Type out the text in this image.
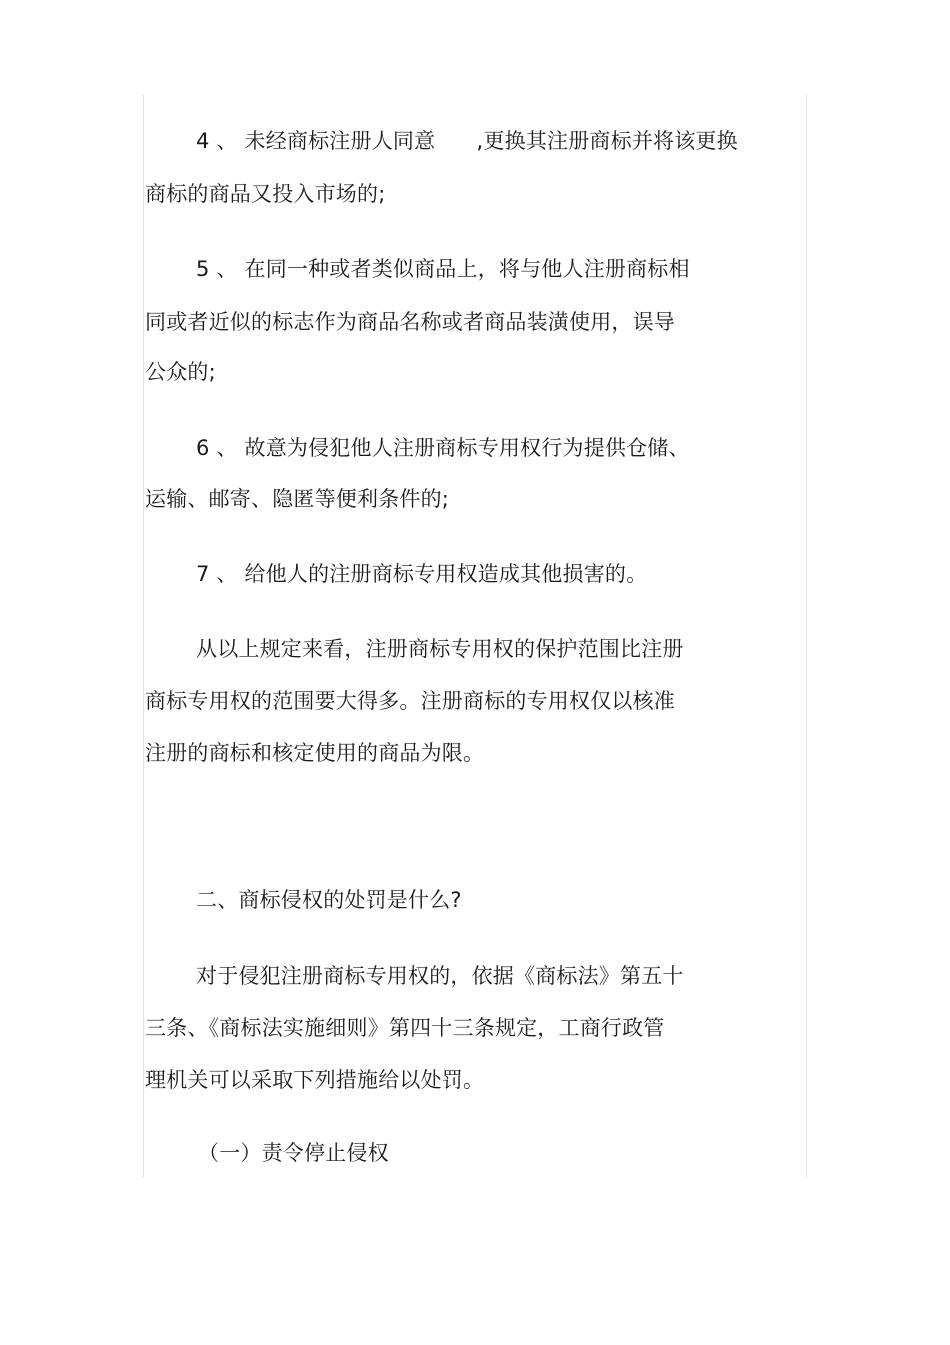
4 、 未经商标注册人同意      ,更换其注册商标并将该更换
商标的商品又投入市场的;
5 、 在同一种或者类似商品上，将与他人注册商标相
同或者近似的标志作为商品名称或者商品装潢使用，误导
公众的;
6 、 故意为侵犯他人注册商标专用权行为提供仓储、
运输、邮寄、隐匿等便利条件的;
7 、 给他人的注册商标专用权造成其他损害的。
从以上规定来看，注册商标专用权的保护范围比注册
商标专用权的范围要大得多。注册商标的专用权仅以核准
注册的商标和核定使用的商品为限。
二、商标侵权的处罚是什么?
对于侵犯注册商标专用权的，依据《商标法》第五十
三条、《商标法实施细则》第四十三条规定，工商行政管
理机关可以采取下列措施给以处罚。
（一）责令停止侵权
